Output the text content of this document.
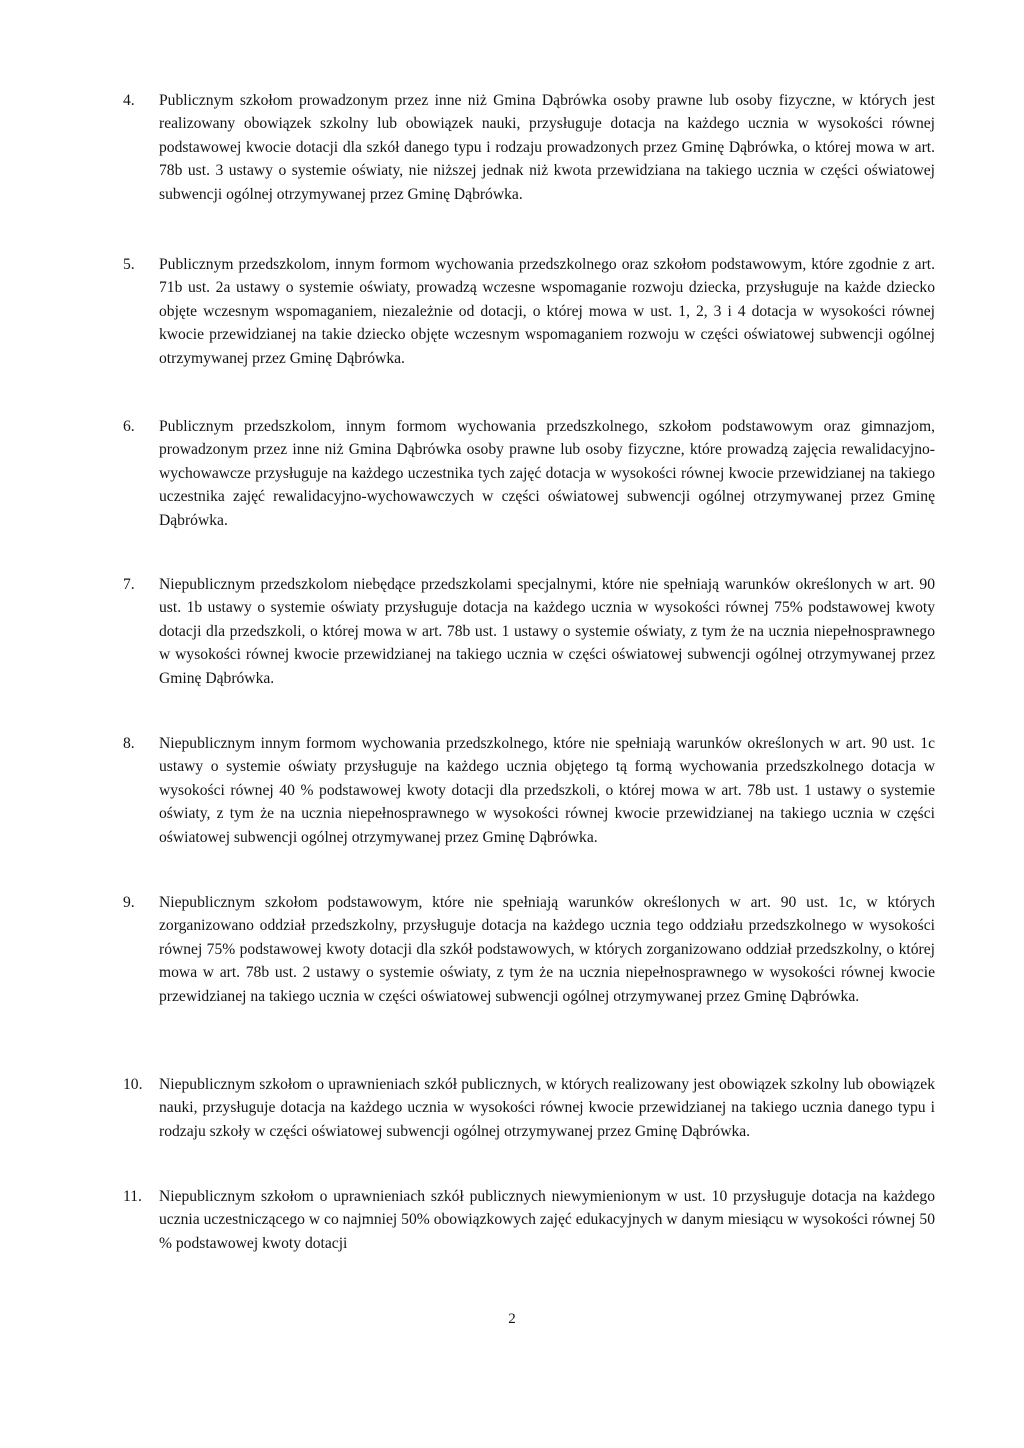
4.	Publicznym szkołom prowadzonym przez inne niż Gmina Dąbrówka osoby prawne lub osoby fizyczne, w których jest realizowany obowiązek szkolny lub obowiązek nauki, przysługuje dotacja na każdego ucznia w wysokości równej podstawowej kwocie dotacji dla szkół danego typu i rodzaju prowadzonych przez Gminę Dąbrówka, o której mowa w art. 78b ust. 3 ustawy o systemie oświaty, nie niższej jednak niż kwota przewidziana na takiego ucznia w części oświatowej subwencji ogólnej otrzymywanej przez Gminę Dąbrówka.
5.	Publicznym przedszkolom, innym formom wychowania przedszkolnego oraz szkołom podstawowym, które zgodnie z art. 71b ust. 2a ustawy o systemie oświaty, prowadzą wczesne wspomaganie rozwoju dziecka, przysługuje na każde dziecko objęte wczesnym wspomaganiem, niezależnie od dotacji, o której mowa w ust. 1, 2, 3 i 4 dotacja w wysokości równej kwocie przewidzianej na takie dziecko objęte wczesnym wspomaganiem rozwoju w części oświatowej subwencji ogólnej otrzymywanej przez Gminę Dąbrówka.
6.	Publicznym przedszkolom, innym formom wychowania przedszkolnego, szkołom podstawowym oraz gimnazjom, prowadzonym przez inne niż Gmina Dąbrówka osoby prawne lub osoby fizyczne, które prowadzą zajęcia rewalidacyjno-wychowawcze przysługuje na każdego uczestnika tych zajęć dotacja w wysokości równej kwocie przewidzianej na takiego uczestnika zajęć rewalidacyjno-wychowawczych w części oświatowej subwencji ogólnej otrzymywanej przez Gminę Dąbrówka.
7.	Niepublicznym przedszkolom niebędące przedszkolami specjalnymi, które nie spełniają warunków określonych w art. 90 ust. 1b ustawy o systemie oświaty przysługuje dotacja na każdego ucznia w wysokości równej 75% podstawowej kwoty dotacji dla przedszkoli, o której mowa w art. 78b ust. 1 ustawy o systemie oświaty, z tym że na ucznia niepełnosprawnego w wysokości równej kwocie przewidzianej na takiego ucznia w części oświatowej subwencji ogólnej otrzymywanej przez Gminę Dąbrówka.
8.	Niepublicznym innym formom wychowania przedszkolnego, które nie spełniają warunków określonych w art. 90 ust. 1c ustawy o systemie oświaty przysługuje na każdego ucznia objętego tą formą wychowania przedszkolnego dotacja w wysokości równej 40 % podstawowej kwoty dotacji dla przedszkoli, o której mowa w art. 78b ust. 1 ustawy o systemie oświaty, z tym że na ucznia niepełnosprawnego w wysokości równej kwocie przewidzianej na takiego ucznia w części oświatowej subwencji ogólnej otrzymywanej przez Gminę Dąbrówka.
9.	Niepublicznym szkołom podstawowym, które nie spełniają warunków określonych w art. 90 ust. 1c, w których zorganizowano oddział przedszkolny, przysługuje dotacja na każdego ucznia tego oddziału przedszkolnego w wysokości równej 75% podstawowej kwoty dotacji dla szkół podstawowych, w których zorganizowano oddział przedszkolny, o której mowa w art. 78b ust. 2 ustawy o systemie oświaty, z tym że na ucznia niepełnosprawnego w wysokości równej kwocie przewidzianej na takiego ucznia w części oświatowej subwencji ogólnej otrzymywanej przez Gminę Dąbrówka.
10.	Niepublicznym szkołom o uprawnieniach szkół publicznych, w których realizowany jest obowiązek szkolny lub obowiązek nauki, przysługuje dotacja na każdego ucznia w wysokości równej kwocie przewidzianej na takiego ucznia danego typu i rodzaju szkoły w części oświatowej subwencji ogólnej otrzymywanej przez Gminę Dąbrówka.
11.	Niepublicznym szkołom o uprawnieniach szkół publicznych niewymienionym w ust. 10 przysługuje dotacja na każdego ucznia uczestniczącego w co najmniej 50% obowiązkowych zajęć edukacyjnych w danym miesiącu w wysokości równej 50 % podstawowej kwoty dotacji
2
